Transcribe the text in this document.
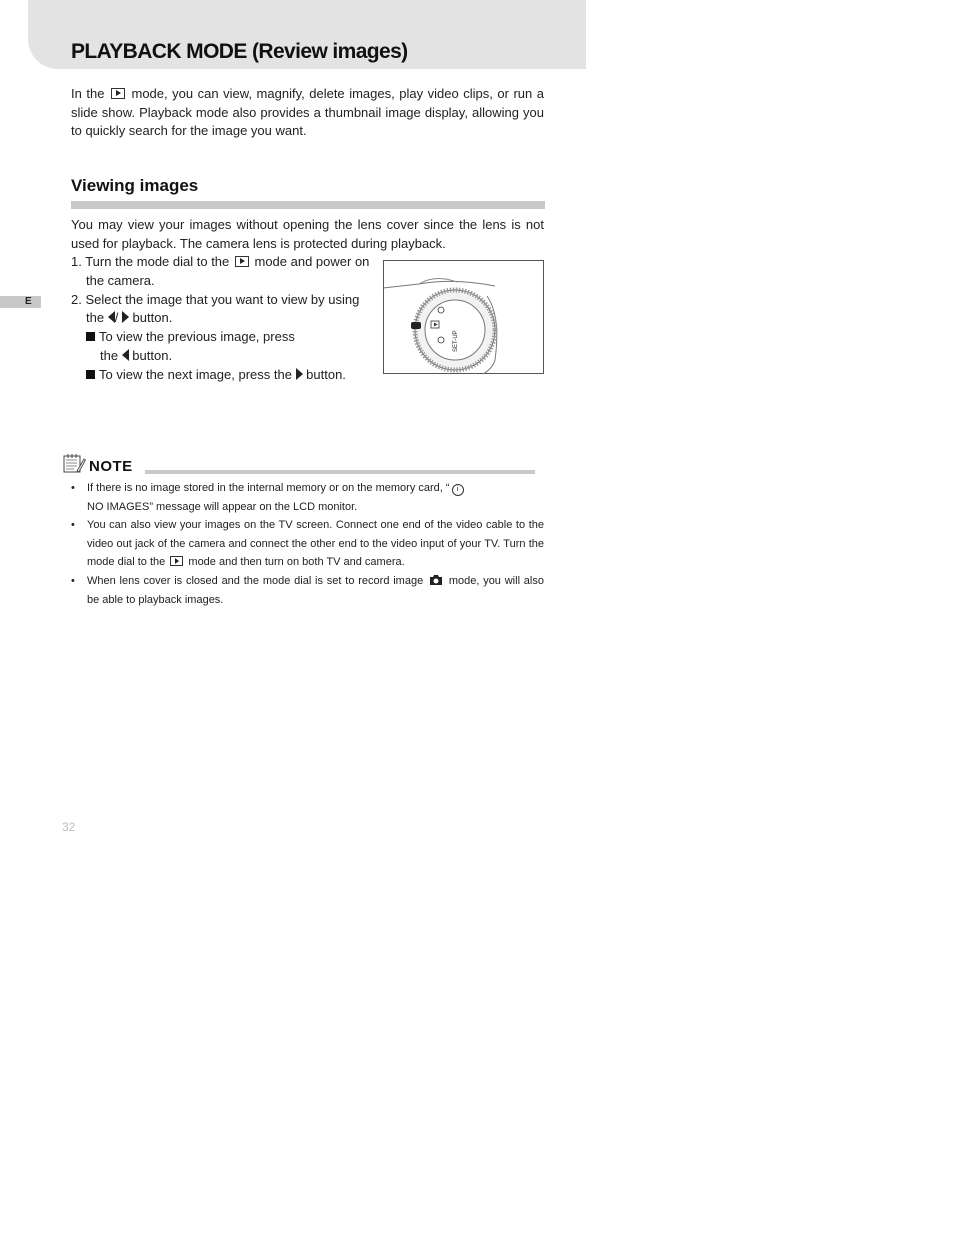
PLAYBACK MODE (Review images)

In the  mode, you can view, magnify, delete images, play video clips, or run a slide show. Playback mode also provides a thumbnail image display, allowing you to quickly search for the image you want.

Viewing images

You may view your images without opening the lens cover since the lens is not used for playback. The camera lens is protected during playback.

1. Turn the mode dial to the  mode and power on
the camera.
2. Select the image that you want to view by using
the /  button.
To view the previous image, press
the  button.
To view the next image, press the  button.
SET-UP
E
NOTE
• If there is no image stored in the internal memory or on the memory card, “ i
NO IMAGES” message will appear on the LCD monitor.
• You can also view your images on the TV screen. Connect one end of the video cable to the video out jack of the camera and connect the other end to the video input of your TV. Turn the mode dial to the  mode and then turn on both TV and camera.
• When lens cover is closed and the mode dial is set to record image  mode, you will also be able to playback images.
32
